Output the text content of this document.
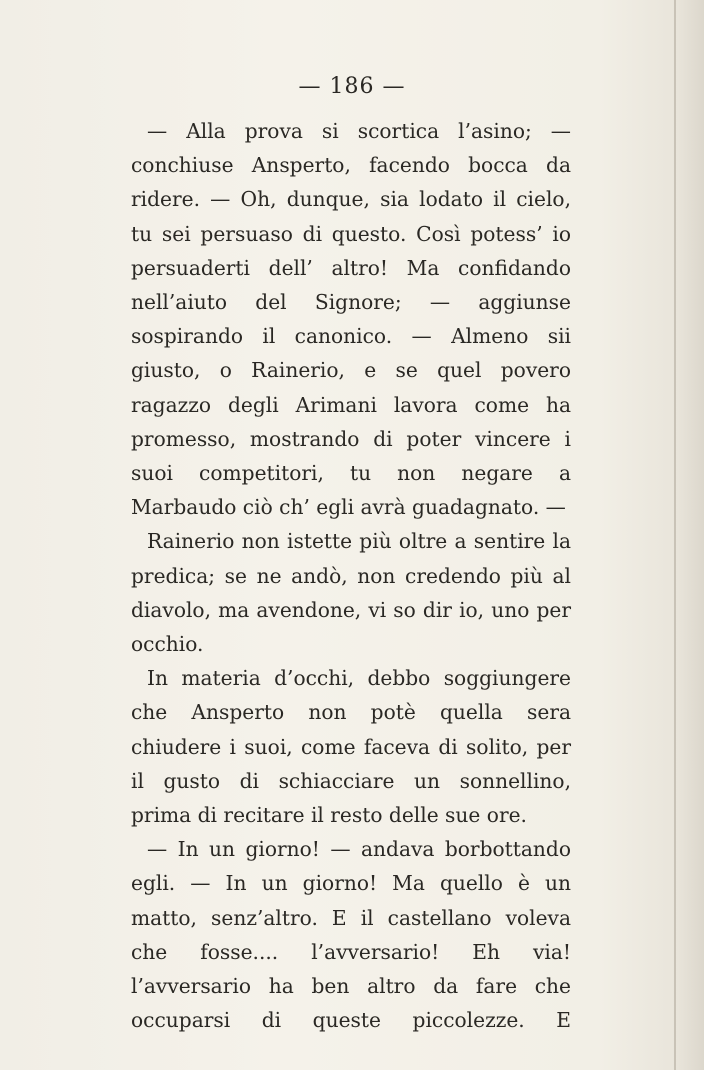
— 186 —

— Alla prova si scortica l’asino; — conchiuse Ansperto, facendo bocca da ridere. — Oh, dunque, sia lodato il cielo, tu sei persuaso di questo. Così potess’ io persuaderti dell’ altro! Ma confidando nell’aiuto del Signore; — aggiunse sospirando il canonico. — Almeno sii giusto, o Rainerio, e se quel povero ragazzo degli Arimani lavora come ha promesso, mostrando di poter vincere i suoi competitori, tu non negare a Marbaudo ciò ch’ egli avrà guadagnato. —

Rainerio non istette più oltre a sentire la predica; se ne andò, non credendo più al diavolo, ma avendone, vi so dir io, uno per occhio.

In materia d’occhi, debbo soggiungere che Ansperto non potè quella sera chiudere i suoi, come faceva di solito, per il gusto di schiacciare un sonnellino, prima di recitare il resto delle sue ore.

— In un giorno! — andava borbottando egli. — In un giorno! Ma quello è un matto, senz’altro. E il castellano voleva che fosse.... l’avversario! Eh via! l’avversario ha ben altro da fare che occuparsi di queste piccolezze. E
